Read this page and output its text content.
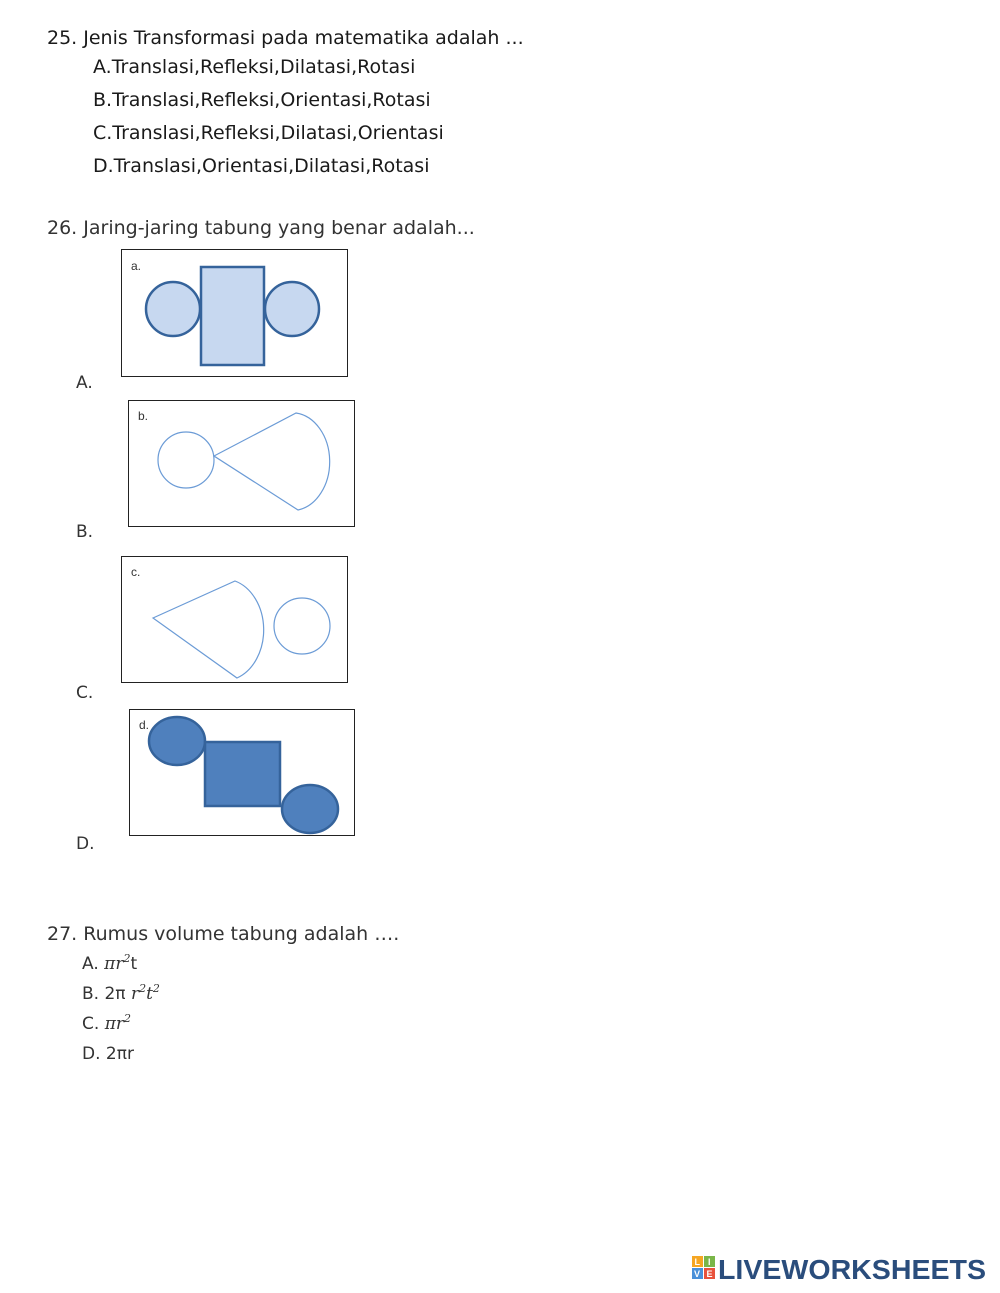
25. Jenis Transformasi pada matematika adalah ...
A.Translasi,Refleksi,Dilatasi,Rotasi
B.Translasi,Refleksi,Orientasi,Rotasi
C.Translasi,Refleksi,Dilatasi,Orientasi
D.Translasi,Orientasi,Dilatasi,Rotasi
26. Jaring-jaring tabung yang benar adalah...
a.
A.
b.
B.
c.
C.
d.
D.
27. Rumus volume tabung adalah ….
A. $\pi r^2t$
B. 2π $r^2t^2$
C. $\pi r^2$
D. 2πr
L I
V E LIVEWORKSHEETS
